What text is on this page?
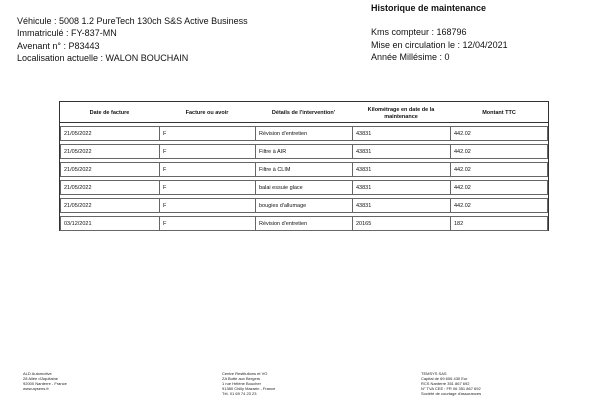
Véhicule : 5008 1.2 PureTech 130ch S&S Active Business
Immatriculé : FY-837-MN
Avenant n° : P83443
Localisation actuelle : WALON BOUCHAIN
Historique de maintenance
Kms compteur : 168796
Mise en circulation le : 12/04/2021
Année Millésime : 0
Date de facture	Facture ou avoir	Détails de l'intervention'	Kilométrage en date de la maintenance	Montant TTC
21/05/2022	F	Révision d'entretien	43831	442.02
21/05/2022	F	Filtre à AIR	43831	442.02
21/05/2022	F	Filtre à CLIM	43831	442.02
21/05/2022	F	balai essuie glace	43831	442.02
21/05/2022	F	bougies d'allumage	43831	442.02
03/12/2021	F	Révision d'entretien	20165	182
ALD Automotive
28 Allée d'Aquitaine
92000 Nanterre - France
www.aysens.fr
Centre Restitutions et VO
ZA Butte aux Bergers
1 rue Hélène Boucher
91380 Chilly Mazarin - France
Tél. 01 69 74 23 23
TEMSYS SAS
Capital de 69 606 430 Eur
RCS Nanterre 351 867 692
N° TVA CEE : FR 06 351 867 692
Société de courtage d'assurances
